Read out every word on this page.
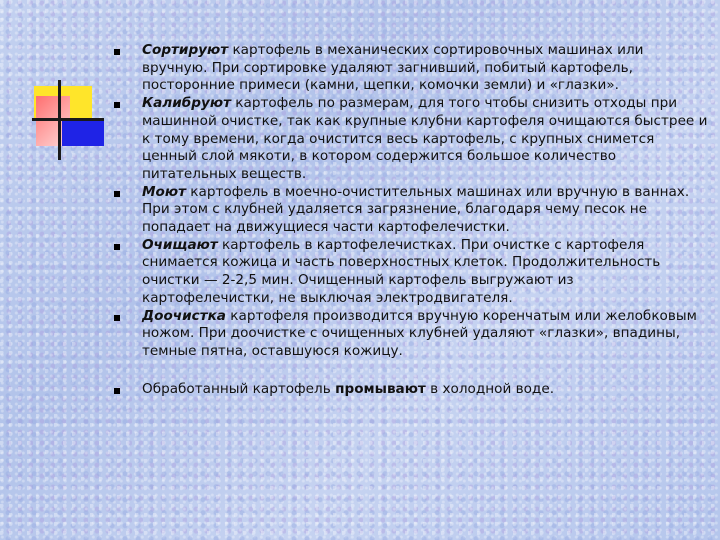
Сортируют картофель в механических сортировочных машинах или вручную. При сортировке удаляют загнивший, побитый картофель, посторонние примеси (камни, щепки, комочки земли) и «глазки».
Калибруют картофель по размерам, для того чтобы снизить отходы при машинной очистке, так как крупные клубни картофеля очищаются быстрее и к тому времени, когда очистится весь картофель, с крупных снимется ценный слой мякоти, в котором содержится большое количество питательных веществ.
Моют картофель в моечно-очистительных машинах или вручную в ваннах. При этом с клубней удаляется загрязнение, благодаря чему песок не попадает на движущиеся части картофелечистки.
Очищают картофель в картофелечистках. При очистке с картофеля снимается кожица и часть поверхностных клеток. Продолжительность очистки — 2-2,5 мин. Очищенный картофель выгружают из картофелечистки, не выключая электродвигателя.
Доочистка картофеля производится вручную коренчатым или желобковым ножом. При доочистке с очищенных клубней удаляют «глазки», впадины, темные пятна, оставшуюся кожицу.
Обработанный картофель промывают в холодной воде.
